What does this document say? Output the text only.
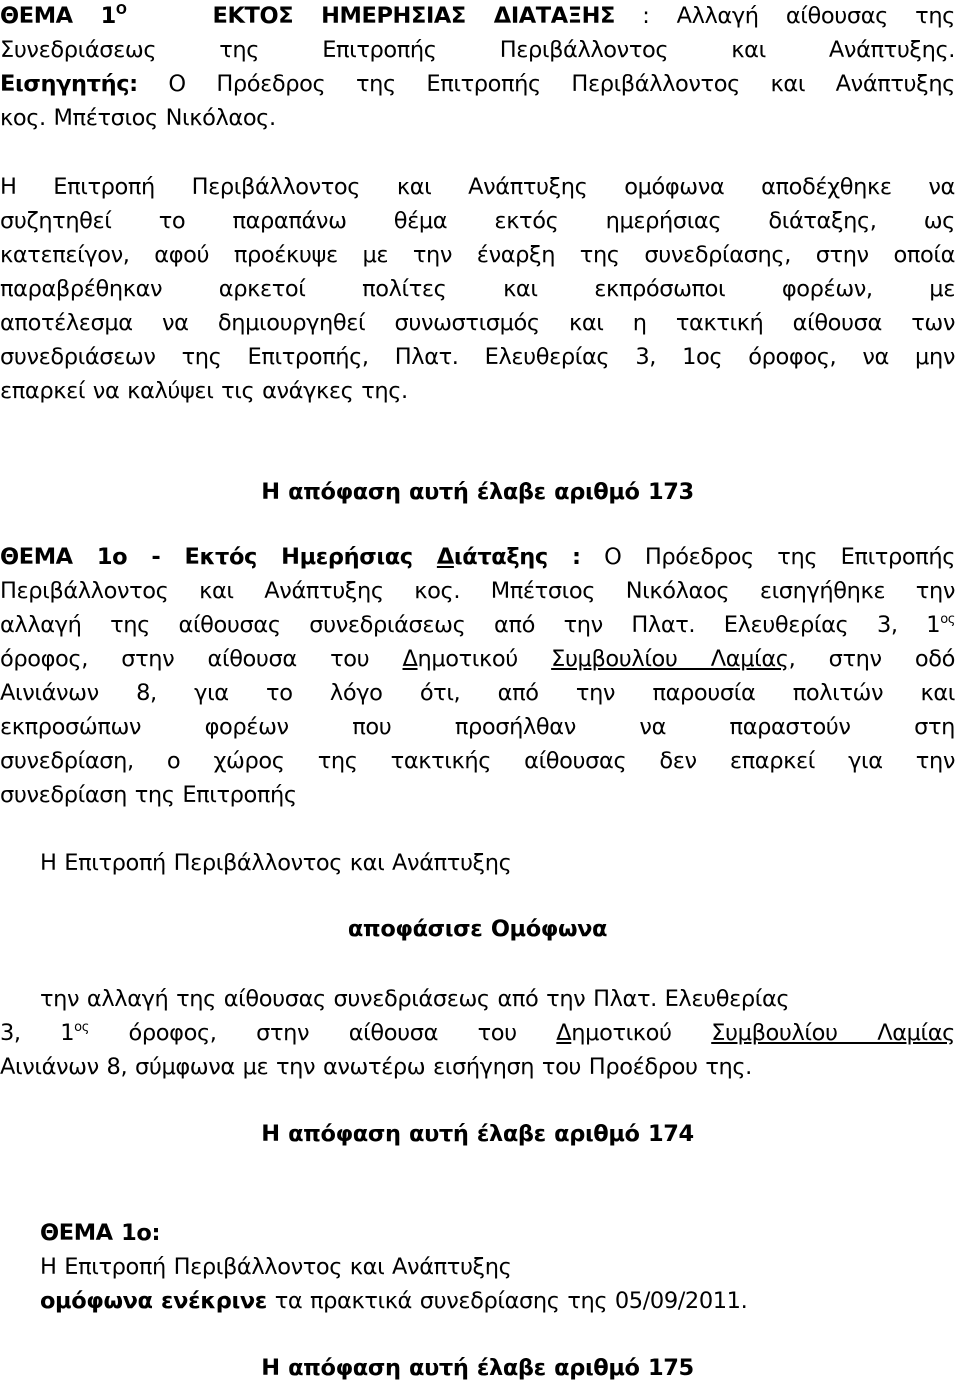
ΘΕΜΑ $1^O$	ΕΚΤΟΣ ΗΜΕΡΗΣΙΑΣ ΔΙΑΤΑΞΗΣ : Αλλαγή αίθουσας της

Συνεδριάσεως της Επιτροπής Περιβάλλοντος και Ανάπτυξης.

Εισηγητής: Ο Πρόεδρος της Επιτροπής Περιβάλλοντος και Ανάπτυξης

κος. Μπέτσιος Νικόλαος.

Η Επιτροπή Περιβάλλοντος και Ανάπτυξης ομόφωνα αποδέχθηκε να

συζητηθεί το παραπάνω θέμα εκτός ημερήσιας διάταξης, ως

κατεπείγον, αφού προέκυψε με την έναρξη της συνεδρίασης, στην οποία

παραβρέθηκαν αρκετοί πολίτες και εκπρόσωποι φορέων, με

αποτέλεσμα να δημιουργηθεί συνωστισμός και η τακτική αίθουσα των

συνεδριάσεων της Επιτροπής, Πλατ. Ελευθερίας 3, 1ος όροφος, να μην

επαρκεί να καλύψει τις ανάγκες της.

Η απόφαση αυτή έλαβε αριθμό 173

ΘΕΜΑ 1ο - Εκτός Ημερήσιας Διάταξης : Ο Πρόεδρος της Επιτροπής

Περιβάλλοντος και Ανάπτυξης κος. Μπέτσιος Νικόλαος εισηγήθηκε την

αλλαγή της αίθουσας συνεδριάσεως από την Πλατ. Ελευθερίας 3, $1^{o\varsigma}$

όροφος, στην αίθουσα του Δημοτικού Συμβουλίου Λαμίας, στην οδό

Αινιάνων 8, για το λόγο ότι, από την παρουσία πολιτών και

εκπροσώπων φορέων που προσήλθαν να παραστούν στη

συνεδρίαση, ο χώρος της τακτικής αίθουσας δεν επαρκεί για την

συνεδρίαση της Επιτροπής

Η Επιτροπή Περιβάλλοντος και Ανάπτυξης

αποφάσισε Ομόφωνα

την αλλαγή της αίθουσας συνεδριάσεως από την Πλατ. Ελευθερίας

3, $1^{o\varsigma}$ όροφος, στην αίθουσα του Δημοτικού Συμβουλίου Λαμίας

Αινιάνων 8, σύμφωνα με την ανωτέρω εισήγηση του Προέδρου της.

Η απόφαση αυτή έλαβε αριθμό 174

ΘΕΜΑ 1ο:

Η Επιτροπή Περιβάλλοντος και Ανάπτυξης

ομόφωνα ενέκρινε τα πρακτικά συνεδρίασης της 05/09/2011.

Η απόφαση αυτή έλαβε αριθμό 175
